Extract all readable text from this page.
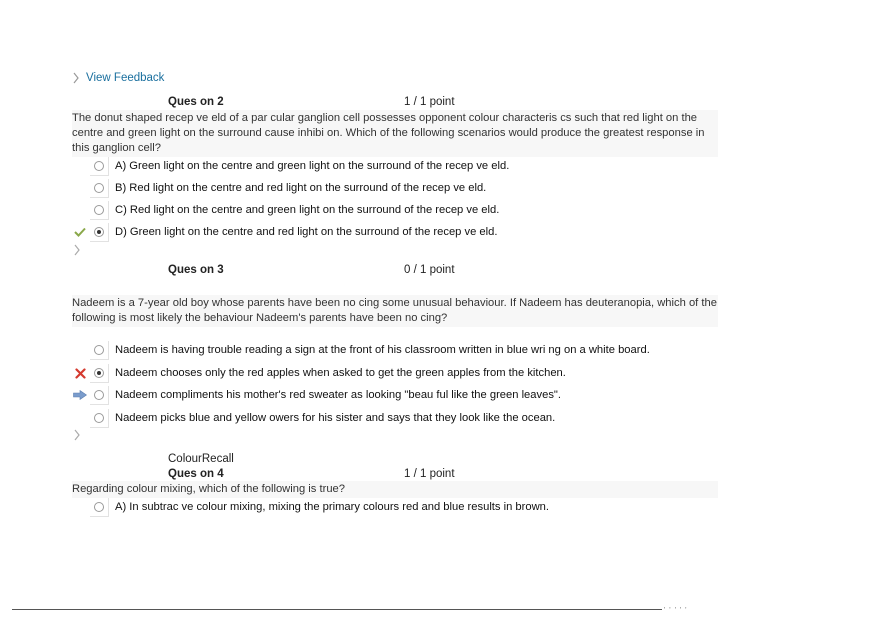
View Feedback
Ques on 2	1 / 1 point
The donut shaped recep ve eld of a par cular ganglion cell possesses opponent colour characteris cs such that red light on the centre and green light on the surround cause inhibi on. Which of the following scenarios would produce the greatest response in this ganglion cell?
A) Green light on the centre and green light on the surround of the recep ve eld.
B) Red light on the centre and red light on the surround of the recep ve eld.
C) Red light on the centre and green light on the surround of the recep ve eld.
D) Green light on the centre and red light on the surround of the recep ve eld.
Ques on 3	0 / 1 point
Nadeem is a 7-year old boy whose parents have been no cing some unusual behaviour. If Nadeem has deuteranopia, which of the following is most likely the behaviour Nadeem's parents have been no cing?
Nadeem is having trouble reading a sign at the front of his classroom written in blue wri ng on a white board.
Nadeem chooses only the red apples when asked to get the green apples from the kitchen.
Nadeem compliments his mother's red sweater as looking "beau ful like the green leaves".
Nadeem picks blue and yellow owers for his sister and says that they look like the ocean.
ColourRecall
Ques on 4	1 / 1 point
Regarding colour mixing, which of the following is true?
A) In subtrac ve colour mixing, mixing the primary colours red and blue results in brown.
' ' ' ' '
